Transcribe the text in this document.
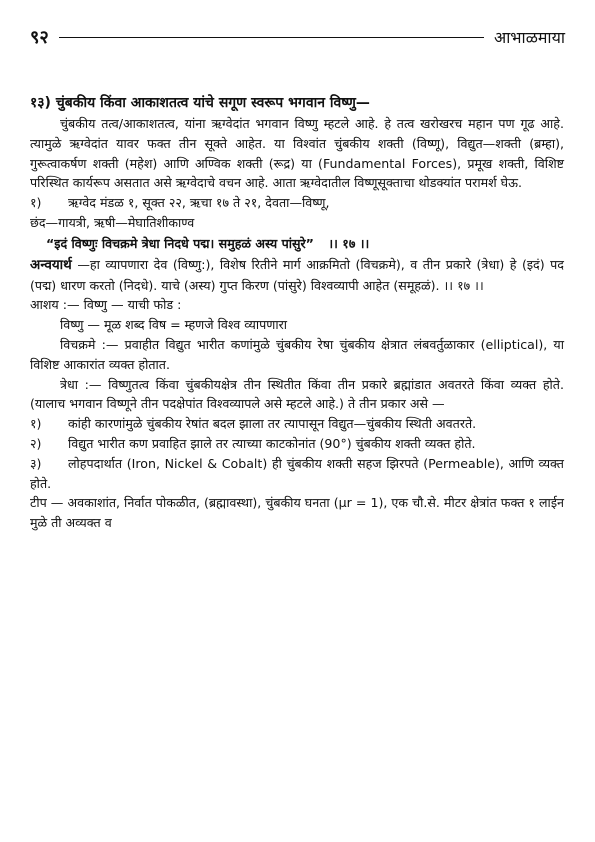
९२	आभाळमाया
१३) चुंबकीय किंवा आकाशतत्व यांचे सगूण स्वरूप भगवान विष्णु—

चुंबकीय तत्व/आकाशतत्व, यांना ऋग्वेदांत भगवान विष्णु म्हटले आहे. हे तत्व खरोखरच महान पण गूढ आहे. त्यामुळे ऋग्वेदांत यावर फक्त तीन सूक्ते आहेत. या विश्वांत चुंबकीय शक्ती (विष्णू), विद्युत—शक्ती (ब्रम्हा), गुरूत्वाकर्षण शक्ती (महेश) आणि अण्विक शक्ती (रूद्र) या (Fundamental Forces), प्रमूख शक्ती, विशिष्ट परिस्थित कार्यरूप असतात असे ऋग्वेदाचे वचन आहे. आता ऋग्वेदातील विष्णूसूक्ताचा थोडक्यांत परामर्श घेऊ.

१) ऋग्वेद मंडळ १, सूक्त २२, ऋचा १७ ते २१, देवता—विष्णू,

छंद—गायत्री, ऋषी—मेघातिशीकाण्व

“इदं विष्णुः विचक्रमे त्रेधा निदधे पद्म। समुहळं अस्य पांसुरे” ।। १७ ।।

अन्वयार्थ —हा व्यापणारा देव (विष्णु:), विशेष रितीने मार्ग आक्रमितो (विचक्रमे), व तीन प्रकारे (त्रेधा) हे (इदं) पद (पद्म) धारण करतो (निदधे). याचे (अस्य) गुप्त किरण (पांसुरे) विश्वव्यापी आहेत (समूहळं). ।। १७ ।।

आशय :— विष्णु — याची फोड :

विष्णु — मूळ शब्द विष = म्हणजे विश्व व्यापणारा

विचक्रमे :— प्रवाहीत विद्युत भारीत कणांमुळे चुंबकीय रेषा चुंबकीय क्षेत्रात लंबवर्तुळाकार (elliptical), या विशिष्ट आकारांत व्यक्त होतात.

त्रेधा :— विष्णुतत्व किंवा चुंबकीयक्षेत्र तीन स्थितीत किंवा तीन प्रकारे ब्रह्मांडात अवतरते किंवा व्यक्त होते. (यालाच भगवान विष्णूने तीन पदक्षेपांत विश्वव्यापले असे म्हटले आहे.) ते तीन प्रकार असे —

१) कांही कारणांमुळे चुंबकीय रेषांत बदल झाला तर त्यापासून विद्युत—चुंबकीय स्थिती अवतरते.

२) विद्युत भारीत कण प्रवाहित झाले तर त्याच्या काटकोनांत (90°) चुंबकीय शक्ती व्यक्त होते.

३) लोहपदार्थात (Iron, Nickel & Cobalt) ही चुंबकीय शक्ती सहज झिरपते (Permeable), आणि व्यक्त होते.

टीप — अवकाशांत, निर्वात पोकळीत, (ब्रह्मावस्था), चुंबकीय घनता (µr = 1), एक चौ.से. मीटर क्षेत्रांत फक्त १ लाईन मुळे ती अव्यक्त व
